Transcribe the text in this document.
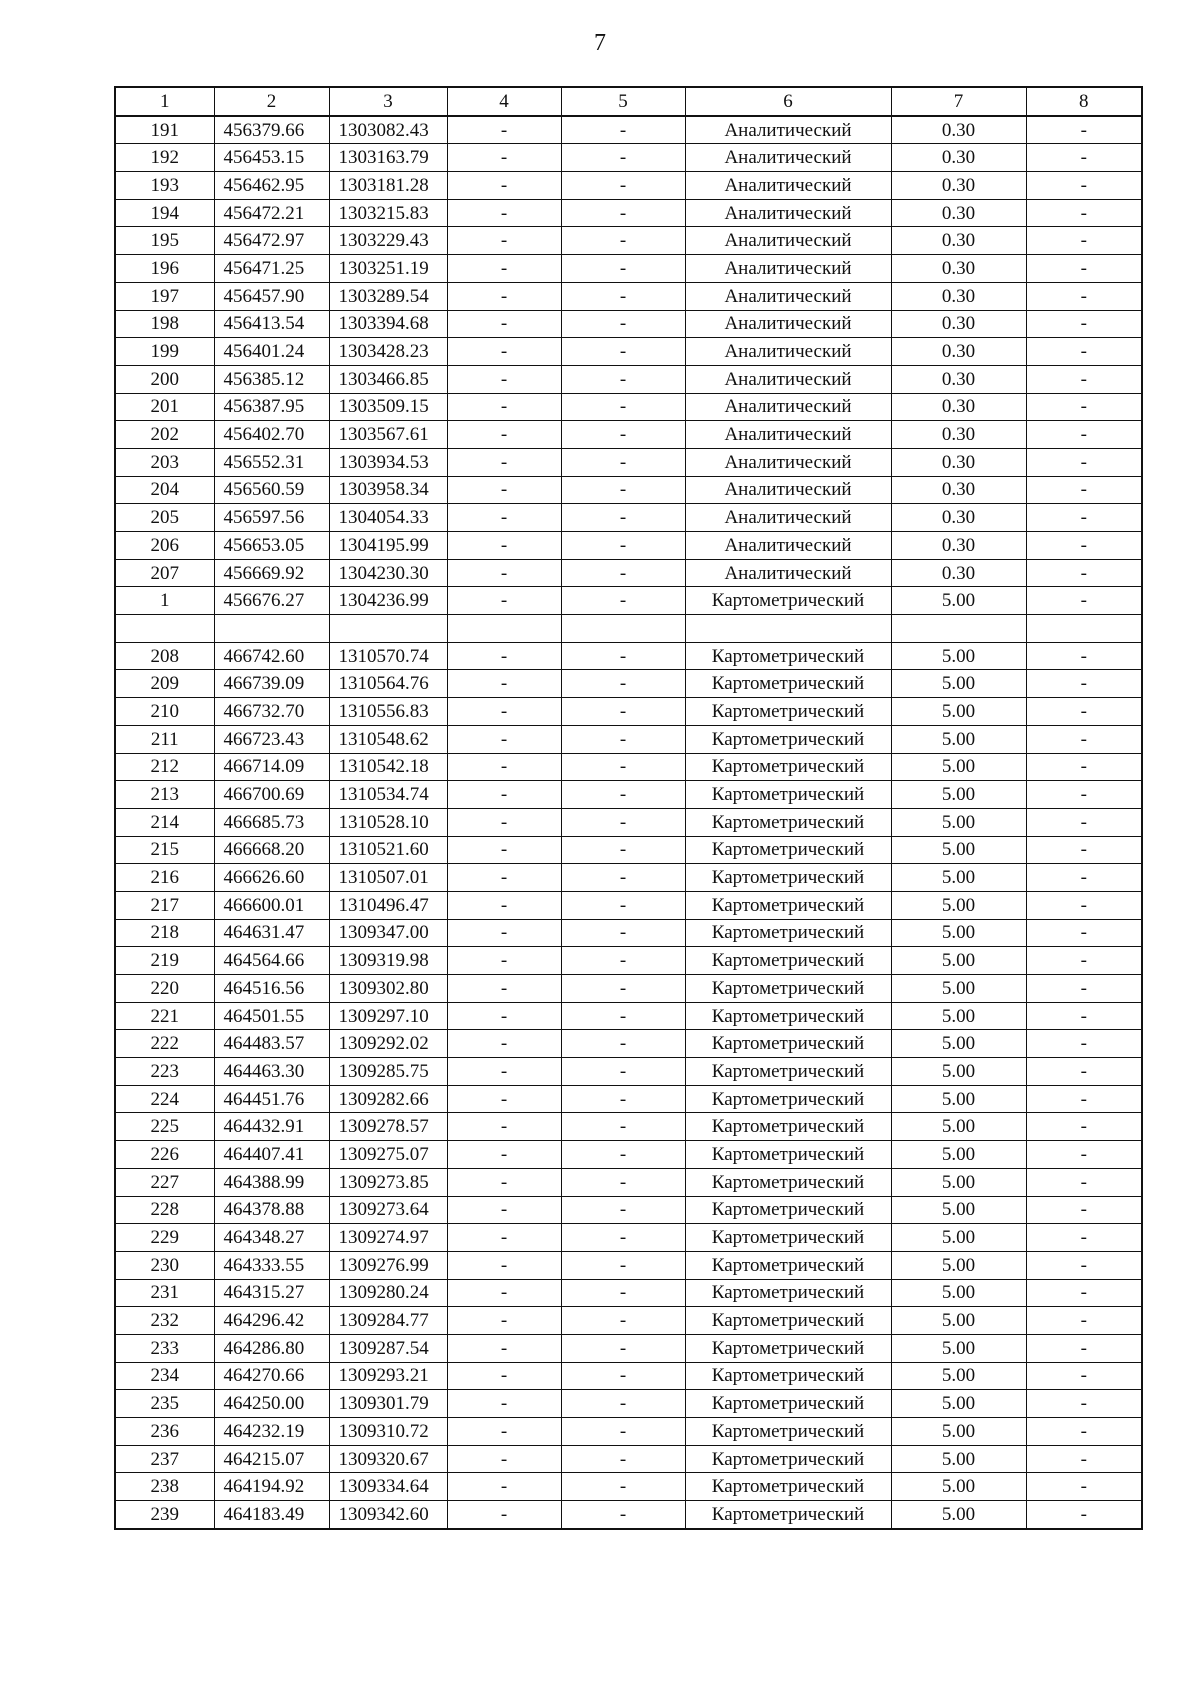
7
1	2	3	4	5	6	7	8
191	456379.66	1303082.43	-	-	Аналитический	0.30	-
192	456453.15	1303163.79	-	-	Аналитический	0.30	-
193	456462.95	1303181.28	-	-	Аналитический	0.30	-
194	456472.21	1303215.83	-	-	Аналитический	0.30	-
195	456472.97	1303229.43	-	-	Аналитический	0.30	-
196	456471.25	1303251.19	-	-	Аналитический	0.30	-
197	456457.90	1303289.54	-	-	Аналитический	0.30	-
198	456413.54	1303394.68	-	-	Аналитический	0.30	-
199	456401.24	1303428.23	-	-	Аналитический	0.30	-
200	456385.12	1303466.85	-	-	Аналитический	0.30	-
201	456387.95	1303509.15	-	-	Аналитический	0.30	-
202	456402.70	1303567.61	-	-	Аналитический	0.30	-
203	456552.31	1303934.53	-	-	Аналитический	0.30	-
204	456560.59	1303958.34	-	-	Аналитический	0.30	-
205	456597.56	1304054.33	-	-	Аналитический	0.30	-
206	456653.05	1304195.99	-	-	Аналитический	0.30	-
207	456669.92	1304230.30	-	-	Аналитический	0.30	-
1	456676.27	1304236.99	-	-	Картометрический	5.00	-

208	466742.60	1310570.74	-	-	Картометрический	5.00	-
209	466739.09	1310564.76	-	-	Картометрический	5.00	-
210	466732.70	1310556.83	-	-	Картометрический	5.00	-
211	466723.43	1310548.62	-	-	Картометрический	5.00	-
212	466714.09	1310542.18	-	-	Картометрический	5.00	-
213	466700.69	1310534.74	-	-	Картометрический	5.00	-
214	466685.73	1310528.10	-	-	Картометрический	5.00	-
215	466668.20	1310521.60	-	-	Картометрический	5.00	-
216	466626.60	1310507.01	-	-	Картометрический	5.00	-
217	466600.01	1310496.47	-	-	Картометрический	5.00	-
218	464631.47	1309347.00	-	-	Картометрический	5.00	-
219	464564.66	1309319.98	-	-	Картометрический	5.00	-
220	464516.56	1309302.80	-	-	Картометрический	5.00	-
221	464501.55	1309297.10	-	-	Картометрический	5.00	-
222	464483.57	1309292.02	-	-	Картометрический	5.00	-
223	464463.30	1309285.75	-	-	Картометрический	5.00	-
224	464451.76	1309282.66	-	-	Картометрический	5.00	-
225	464432.91	1309278.57	-	-	Картометрический	5.00	-
226	464407.41	1309275.07	-	-	Картометрический	5.00	-
227	464388.99	1309273.85	-	-	Картометрический	5.00	-
228	464378.88	1309273.64	-	-	Картометрический	5.00	-
229	464348.27	1309274.97	-	-	Картометрический	5.00	-
230	464333.55	1309276.99	-	-	Картометрический	5.00	-
231	464315.27	1309280.24	-	-	Картометрический	5.00	-
232	464296.42	1309284.77	-	-	Картометрический	5.00	-
233	464286.80	1309287.54	-	-	Картометрический	5.00	-
234	464270.66	1309293.21	-	-	Картометрический	5.00	-
235	464250.00	1309301.79	-	-	Картометрический	5.00	-
236	464232.19	1309310.72	-	-	Картометрический	5.00	-
237	464215.07	1309320.67	-	-	Картометрический	5.00	-
238	464194.92	1309334.64	-	-	Картометрический	5.00	-
239	464183.49	1309342.60	-	-	Картометрический	5.00	-
